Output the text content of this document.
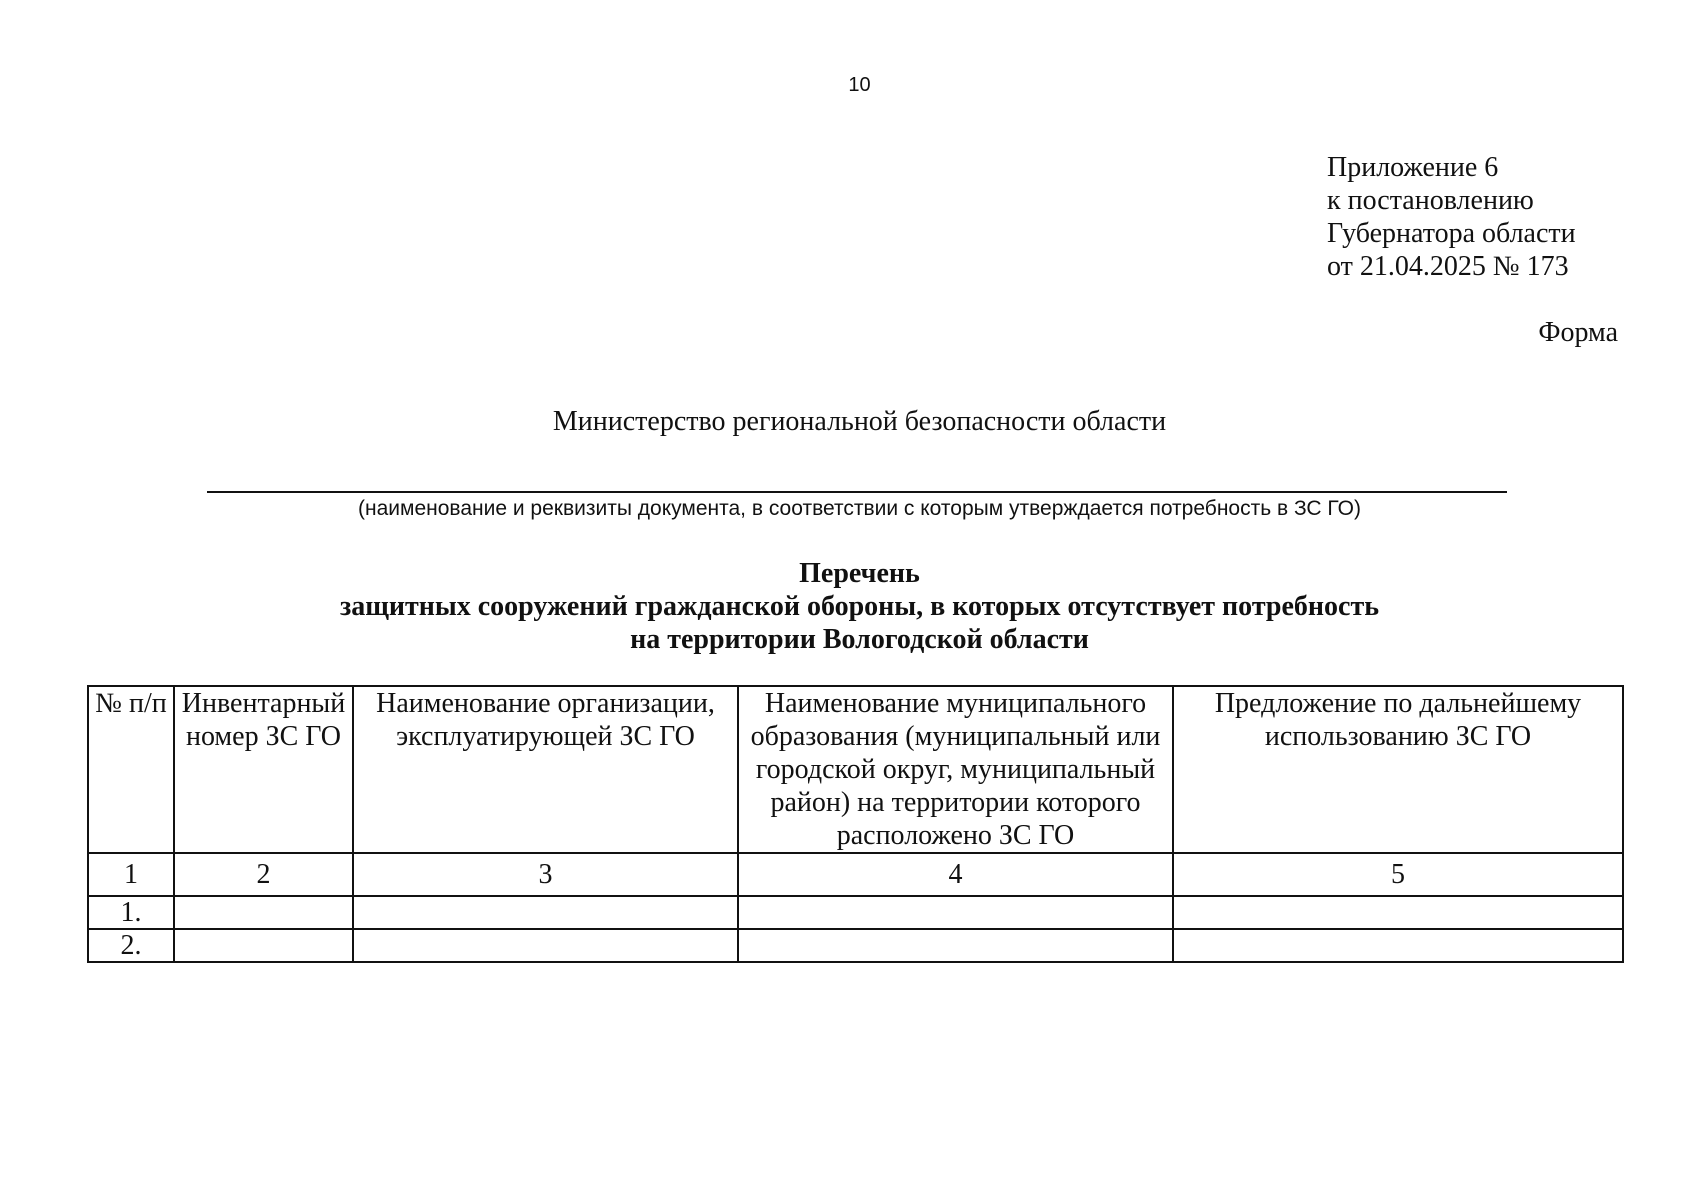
10
Приложение 6
к постановлению
Губернатора области
от 21.04.2025 № 173
Форма
Министерство региональной безопасности области
(наименование и реквизиты документа, в соответствии с которым утверждается потребность в ЗС ГО)
Перечень
защитных сооружений гражданской обороны, в которых отсутствует потребность
на территории Вологодской области
№ п/п	Инвентарный номер ЗС ГО	Наименование организации, эксплуатирующей ЗС ГО	Наименование муниципального образования (муниципальный или городской округ, муниципальный район) на территории которого расположено ЗС ГО	Предложение по дальнейшему использованию ЗС ГО
1	2	3	4	5
1.				
2.				
